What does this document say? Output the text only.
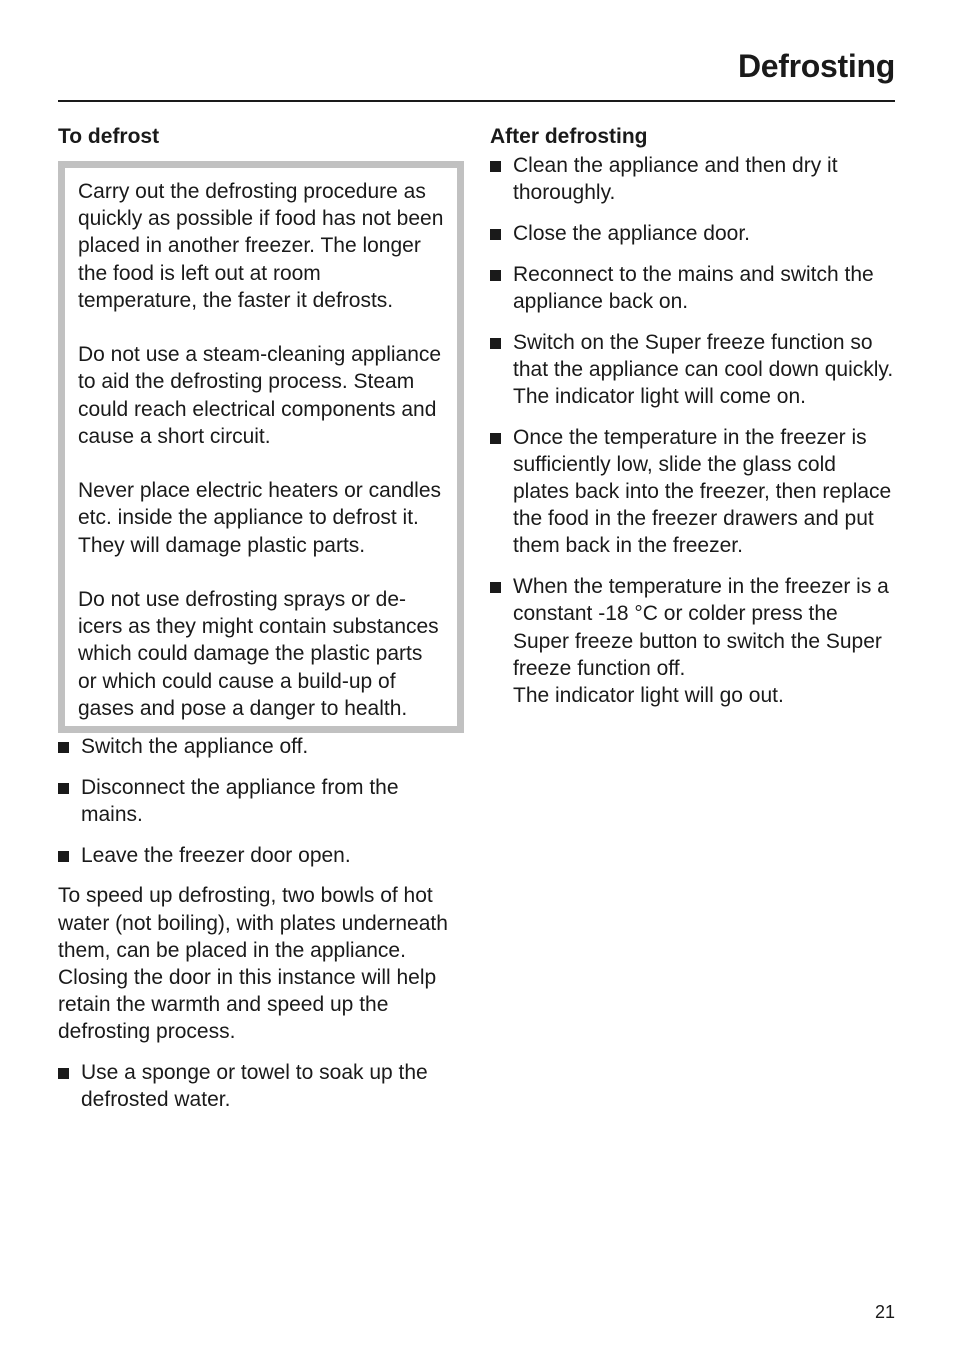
Defrosting
To defrost

Carry out the defrosting procedure as quickly as possible if food has not been placed in another freezer. The longer the food is left out at room temperature, the faster it defrosts.

Do not use a steam-cleaning appliance to aid the defrosting process. Steam could reach electrical components and cause a short circuit.

Never place electric heaters or candles etc. inside the appliance to defrost it. They will damage plastic parts.

Do not use defrosting sprays or de-icers as they might contain substances which could damage the plastic parts or which could cause a build-up of gases and pose a danger to health.

Switch the appliance off.
Disconnect the appliance from the mains.
Leave the freezer door open.

To speed up defrosting, two bowls of hot water (not boiling), with plates underneath them, can be placed in the appliance. Closing the door in this instance will help retain the warmth and speed up the defrosting process.

Use a sponge or towel to soak up the defrosted water.
After defrosting
Clean the appliance and then dry it thoroughly.
Close the appliance door.
Reconnect to the mains and switch the appliance back on.
Switch on the Super freeze function so that the appliance can cool down quickly. The indicator light will come on.
Once the temperature in the freezer is sufficiently low, slide the glass cold plates back into the freezer, then replace the food in the freezer drawers and put them back in the freezer.
When the temperature in the freezer is a constant -18 °C or colder press the Super freeze button to switch the Super freeze function off.
The indicator light will go out.
21
